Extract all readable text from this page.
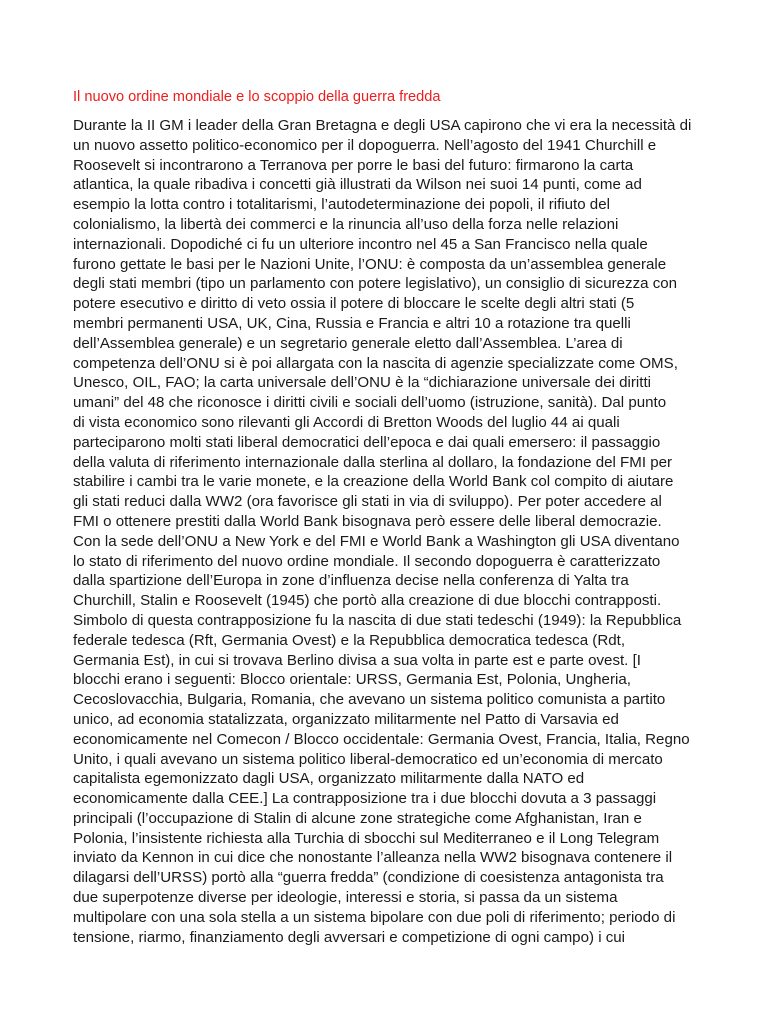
Il nuovo ordine mondiale e lo scoppio della guerra fredda
Durante la II GM i leader della Gran Bretagna e degli USA capirono che vi era la necessità di
un nuovo assetto politico-economico per il dopoguerra. Nell’agosto del 1941 Churchill e
Roosevelt si incontrarono a Terranova per porre le basi del futuro: firmarono la carta
atlantica, la quale ribadiva i concetti già illustrati da Wilson nei suoi 14 punti, come ad
esempio la lotta contro i totalitarismi, l’autodeterminazione dei popoli, il rifiuto del
colonialismo, la libertà dei commerci e la rinuncia all’uso della forza nelle relazioni
internazionali. Dopodiché ci fu un ulteriore incontro nel 45 a San Francisco nella quale
furono gettate le basi per le Nazioni Unite, l’ONU: è composta da un’assemblea generale
degli stati membri (tipo un parlamento con potere legislativo), un consiglio di sicurezza con
potere esecutivo e diritto di veto ossia il potere di bloccare le scelte degli altri stati (5
membri permanenti USA, UK, Cina, Russia e Francia e altri 10 a rotazione tra quelli
dell’Assemblea generale) e un segretario generale eletto dall’Assemblea. L’area di
competenza dell’ONU si è poi allargata con la nascita di agenzie specializzate come OMS,
Unesco, OIL, FAO; la carta universale dell’ONU è la “dichiarazione universale dei diritti
umani” del 48 che riconosce i diritti civili e sociali dell’uomo (istruzione, sanità). Dal punto
di vista economico sono rilevanti gli Accordi di Bretton Woods del luglio 44 ai quali
parteciparono molti stati liberal democratici dell’epoca e dai quali emersero: il passaggio
della valuta di riferimento internazionale dalla sterlina al dollaro, la fondazione del FMI per
stabilire i cambi tra le varie monete, e la creazione della World Bank col compito di aiutare
gli stati reduci dalla WW2 (ora favorisce gli stati in via di sviluppo). Per poter accedere al
FMI o ottenere prestiti dalla World Bank bisognava però essere delle liberal democrazie.
Con la sede dell’ONU a New York e del FMI e World Bank a Washington gli USA diventano
lo stato di riferimento del nuovo ordine mondiale. Il secondo dopoguerra è caratterizzato
dalla spartizione dell’Europa in zone d’influenza decise nella conferenza di Yalta tra
Churchill, Stalin e Roosevelt (1945) che portò alla creazione di due blocchi contrapposti.
Simbolo di questa contrapposizione fu la nascita di due stati tedeschi (1949): la Repubblica
federale tedesca (Rft, Germania Ovest) e la Repubblica democratica tedesca (Rdt,
Germania Est), in cui si trovava Berlino divisa a sua volta in parte est e parte ovest. [I
blocchi erano i seguenti: Blocco orientale: URSS, Germania Est, Polonia, Ungheria,
Cecoslovacchia, Bulgaria, Romania, che avevano un sistema politico comunista a partito
unico, ad economia statalizzata, organizzato militarmente nel Patto di Varsavia ed
economicamente nel Comecon / Blocco occidentale: Germania Ovest, Francia, Italia, Regno
Unito, i quali avevano un sistema politico liberal-democratico ed un’economia di mercato
capitalista egemonizzato dagli USA, organizzato militarmente dalla NATO ed
economicamente dalla CEE.] La contrapposizione tra i due blocchi dovuta a 3 passaggi
principali (l’occupazione di Stalin di alcune zone strategiche come Afghanistan, Iran e
Polonia, l’insistente richiesta alla Turchia di sbocchi sul Mediterraneo e il Long Telegram
inviato da Kennon in cui dice che nonostante l’alleanza nella WW2 bisognava contenere il
dilagarsi dell’URSS) portò alla “guerra fredda” (condizione di coesistenza antagonista tra
due superpotenze diverse per ideologie, interessi e storia, si passa da un sistema
multipolare con una sola stella a un sistema bipolare con due poli di riferimento; periodo di
tensione, riarmo, finanziamento degli avversari e competizione di ogni campo) i cui
